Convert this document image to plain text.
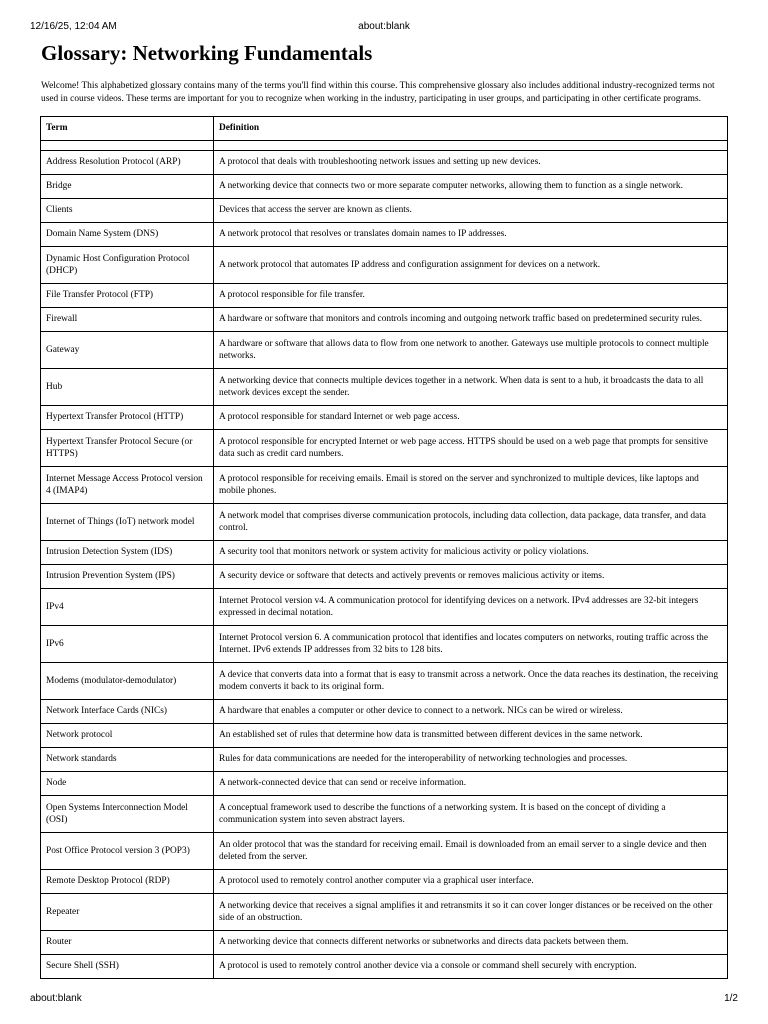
12/16/25, 12:04 AM	about:blank
Glossary: Networking Fundamentals

Welcome! This alphabetized glossary contains many of the terms you'll find within this course. This comprehensive glossary also includes additional industry-recognized terms not used in course videos. These terms are important for you to recognize when working in the industry, participating in user groups, and participating in other certificate programs.

Term	Definition

Address Resolution Protocol (ARP)	A protocol that deals with troubleshooting network issues and setting up new devices.
Bridge	A networking device that connects two or more separate computer networks, allowing them to function as a single network.
Clients	Devices that access the server are known as clients.
Domain Name System (DNS)	A network protocol that resolves or translates domain names to IP addresses.
Dynamic Host Configuration Protocol (DHCP)	A network protocol that automates IP address and configuration assignment for devices on a network.
File Transfer Protocol (FTP)	A protocol responsible for file transfer.
Firewall	A hardware or software that monitors and controls incoming and outgoing network traffic based on predetermined security rules.
Gateway	A hardware or software that allows data to flow from one network to another. Gateways use multiple protocols to connect multiple networks.
Hub	A networking device that connects multiple devices together in a network. When data is sent to a hub, it broadcasts the data to all network devices except the sender.
Hypertext Transfer Protocol (HTTP)	A protocol responsible for standard Internet or web page access.
Hypertext Transfer Protocol Secure (or HTTPS)	A protocol responsible for encrypted Internet or web page access. HTTPS should be used on a web page that prompts for sensitive data such as credit card numbers.
Internet Message Access Protocol version 4 (IMAP4)	A protocol responsible for receiving emails. Email is stored on the server and synchronized to multiple devices, like laptops and mobile phones.
Internet of Things (IoT) network model	A network model that comprises diverse communication protocols, including data collection, data package, data transfer, and data control.
Intrusion Detection System (IDS)	A security tool that monitors network or system activity for malicious activity or policy violations.
Intrusion Prevention System (IPS)	A security device or software that detects and actively prevents or removes malicious activity or items.
IPv4	Internet Protocol version v4. A communication protocol for identifying devices on a network. IPv4 addresses are 32-bit integers expressed in decimal notation.
IPv6	Internet Protocol version 6. A communication protocol that identifies and locates computers on networks, routing traffic across the Internet. IPv6 extends IP addresses from 32 bits to 128 bits.
Modems (modulator-demodulator)	A device that converts data into a format that is easy to transmit across a network. Once the data reaches its destination, the receiving modem converts it back to its original form.
Network Interface Cards (NICs)	A hardware that enables a computer or other device to connect to a network. NICs can be wired or wireless.
Network protocol	An established set of rules that determine how data is transmitted between different devices in the same network.
Network standards	Rules for data communications are needed for the interoperability of networking technologies and processes.
Node	A network-connected device that can send or receive information.
Open Systems Interconnection Model (OSI)	A conceptual framework used to describe the functions of a networking system. It is based on the concept of dividing a communication system into seven abstract layers.
Post Office Protocol version 3 (POP3)	An older protocol that was the standard for receiving email. Email is downloaded from an email server to a single device and then deleted from the server.
Remote Desktop Protocol (RDP)	A protocol used to remotely control another computer via a graphical user interface.
Repeater	A networking device that receives a signal amplifies it and retransmits it so it can cover longer distances or be received on the other side of an obstruction.
Router	A networking device that connects different networks or subnetworks and directs data packets between them.
Secure Shell (SSH)	A protocol is used to remotely control another device via a console or command shell securely with encryption.
about:blank	1/2
